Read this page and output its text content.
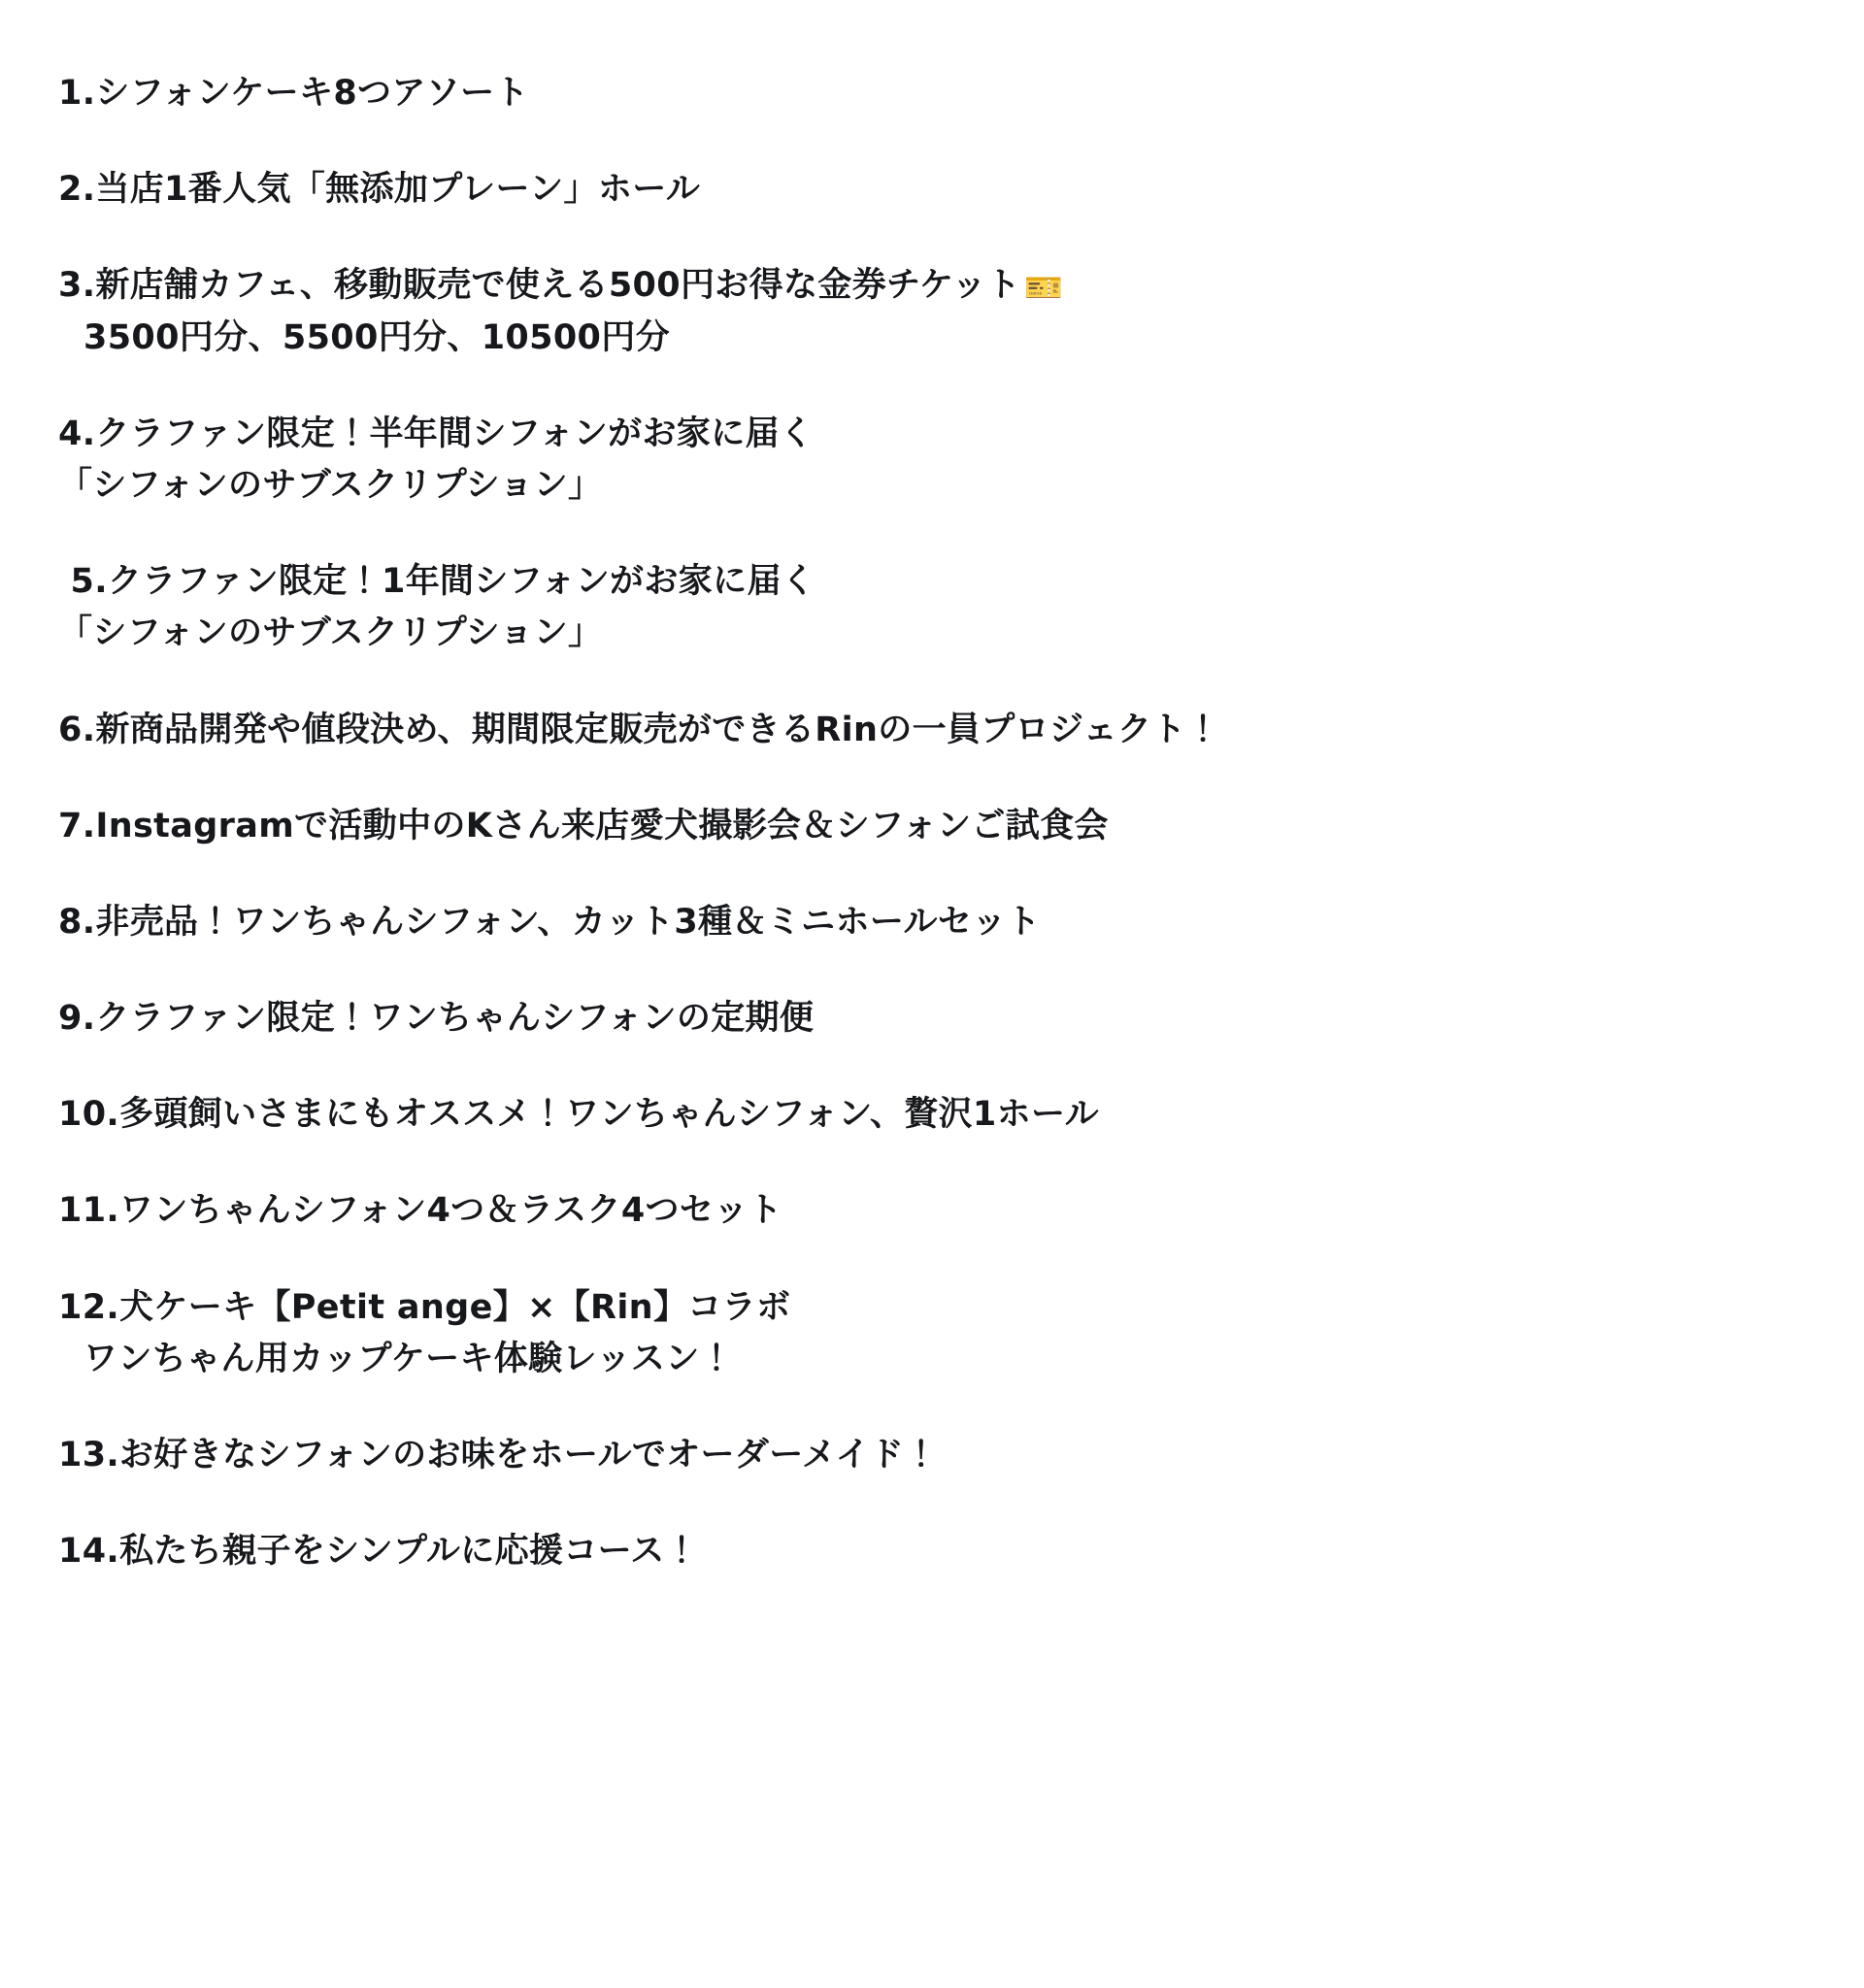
1.シフォンケーキ8つアソート
2.当店1番人気「無添加プレーン」ホール
3.新店舗カフェ、移動販売で使える500円お得な金券チケット 🎫
3500円分、5500円分、10500円分
4.クラファン限定！半年間シフォンがお家に届く
「シフォンのサブスクリプション」
5.クラファン限定！1年間シフォンがお家に届く
「シフォンのサブスクリプション」
6.新商品開発や値段決め、期間限定販売ができるRinの一員プロジェクト！
7.Instagramで活動中のKさん来店愛犬撮影会＆シフォンご試食会
8.非売品！ワンちゃんシフォン、カット3種＆ミニホールセット
9.クラファン限定！ワンちゃんシフォンの定期便
10.多頭飼いさまにもオススメ！ワンちゃんシフォン、贅沢1ホール
11.ワンちゃんシフォン4つ＆ラスク4つセット
12.犬ケーキ【Petit ange】×【Rin】コラボ
ワンちゃん用カップケーキ体験レッスン！
13.お好きなシフォンのお味をホールでオーダーメイド！
14.私たち親子をシンプルに応援コース！
